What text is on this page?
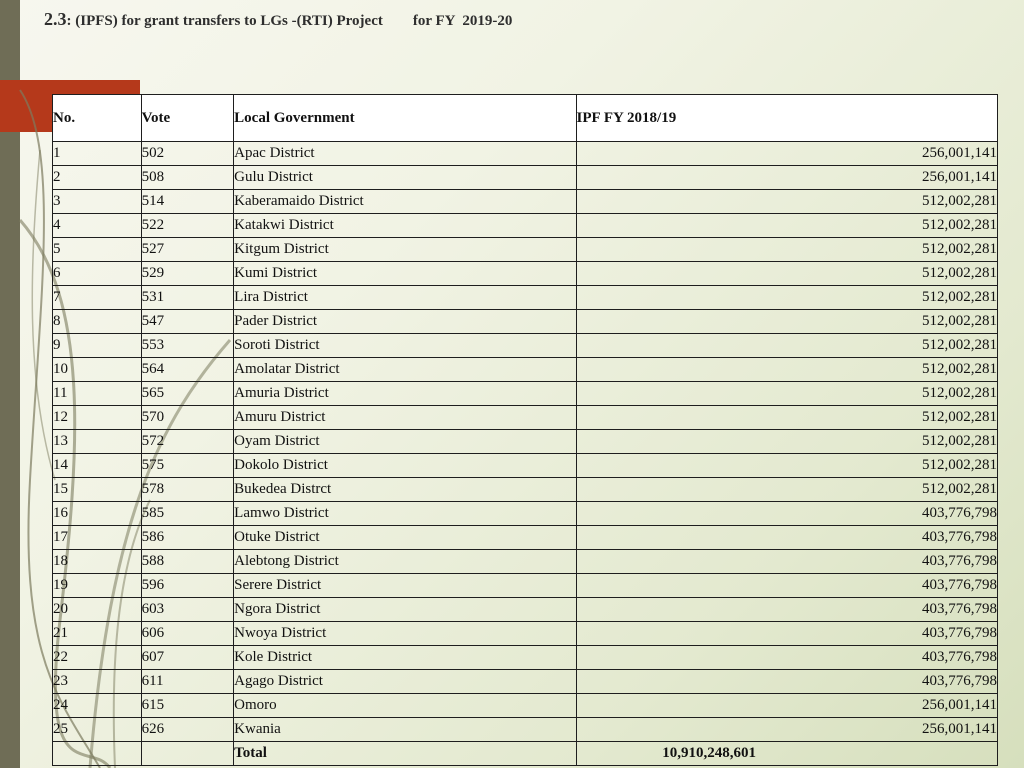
2.3: (IPFS) for grant transfers to LGs -(RTI) Project for FY  2019-20
No.	Vote	Local Government	IPF FY 2018/19
1	502	Apac District	256,001,141
2	508	Gulu District	256,001,141
3	514	Kaberamaido District	512,002,281
4	522	Katakwi District	512,002,281
5	527	Kitgum District	512,002,281
6	529	Kumi District	512,002,281
7	531	Lira District	512,002,281
8	547	Pader District	512,002,281
9	553	Soroti District	512,002,281
10	564	Amolatar District	512,002,281
11	565	Amuria District	512,002,281
12	570	Amuru District	512,002,281
13	572	Oyam District	512,002,281
14	575	Dokolo District	512,002,281
15	578	Bukedea Distrct	512,002,281
16	585	Lamwo District	403,776,798
17	586	Otuke District	403,776,798
18	588	Alebtong District	403,776,798
19	596	Serere District	403,776,798
20	603	Ngora District	403,776,798
21	606	Nwoya District	403,776,798
22	607	Kole District	403,776,798
23	611	Agago District	403,776,798
24	615	Omoro	256,001,141
25	626	Kwania	256,001,141
		Total	10,910,248,601
